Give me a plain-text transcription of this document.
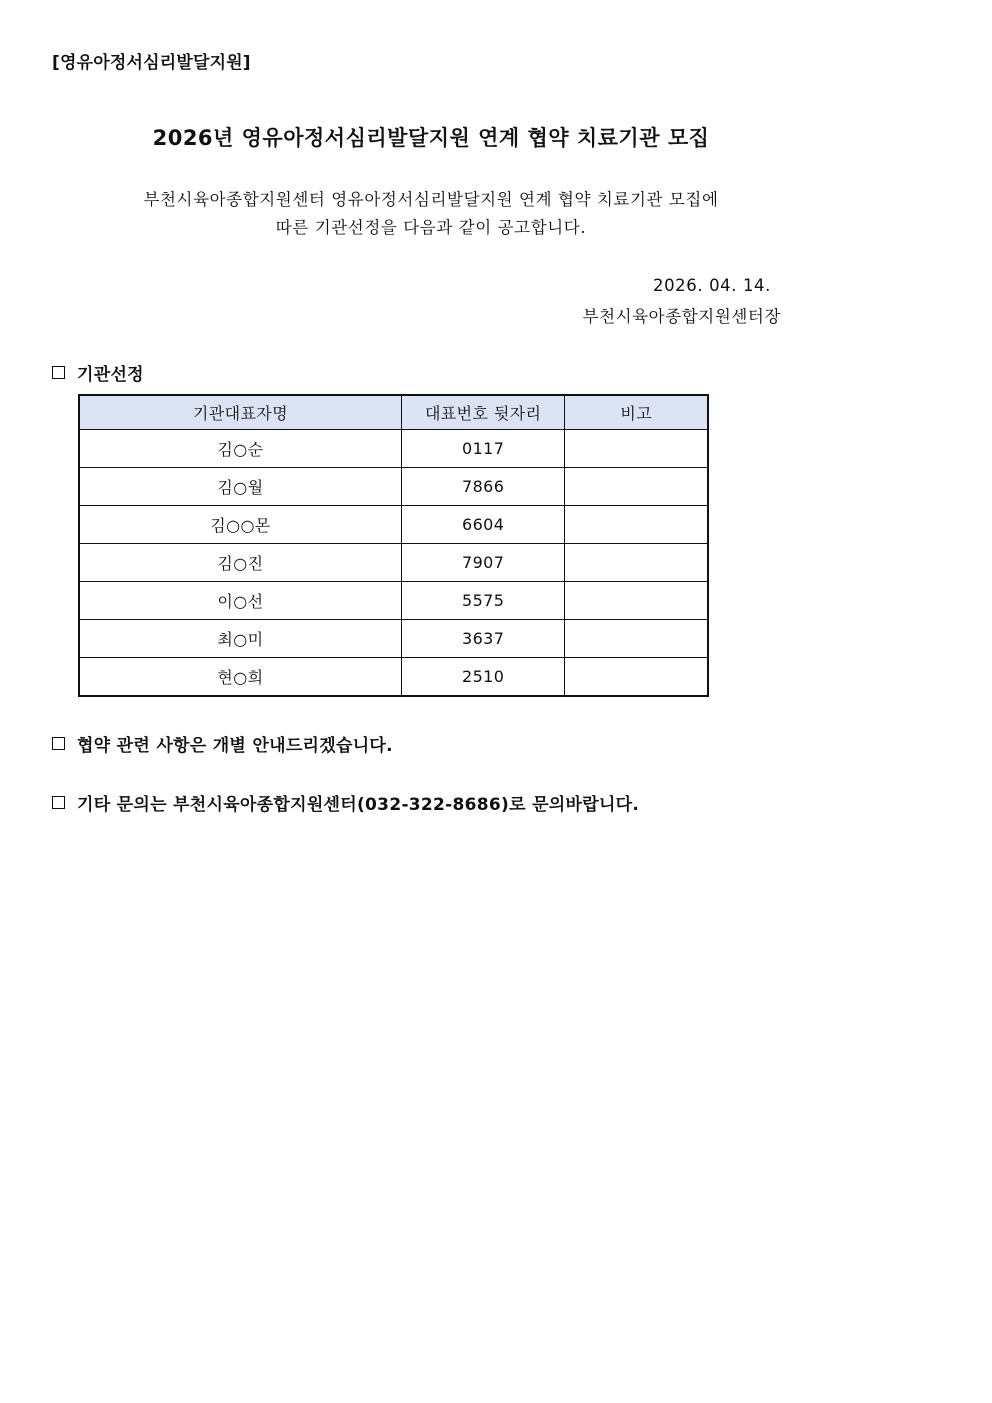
[영유아정서심리발달지원]
2026년 영유아정서심리발달지원 연계 협약 치료기관 모집
부천시육아종합지원센터 영유아정서심리발달지원 연계 협약 치료기관 모집에
따른 기관선정을 다음과 같이 공고합니다.
2026. 04. 14.
부천시육아종합지원센터장
기관선정
기관대표자명	대표번호 뒷자리	비고
김○순	0117	
김○월	7866	
김○○몬	6604	
김○진	7907	
이○선	5575	
최○미	3637	
현○희	2510	
협약 관련 사항은 개별 안내드리겠습니다.
기타 문의는 부천시육아종합지원센터(032-322-8686)로 문의바랍니다.
